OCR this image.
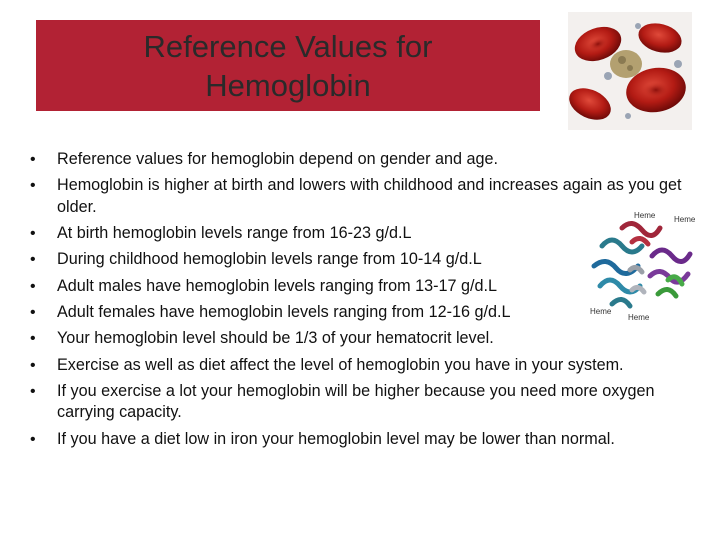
Reference Values for
Hemoglobin
Heme Heme
Heme
Heme
• Reference values for hemoglobin depend on gender and age.
• Hemoglobin is higher at birth and lowers with childhood and increases again as you get older.
• At birth hemoglobin levels range from 16-23 g/d.L
• During childhood hemoglobin levels range from 10-14 g/d.L
• Adult males have hemoglobin levels ranging from 13-17 g/d.L
• Adult females have hemoglobin levels ranging from 12-16 g/d.L
• Your hemoglobin level should be 1/3 of your hematocrit level.
• Exercise as well as diet affect the level of hemoglobin you have in your system.
• If you exercise a lot your hemoglobin will be higher because you need more oxygen carrying capacity.
• If you have a diet low in iron your hemoglobin level may be lower than normal.
